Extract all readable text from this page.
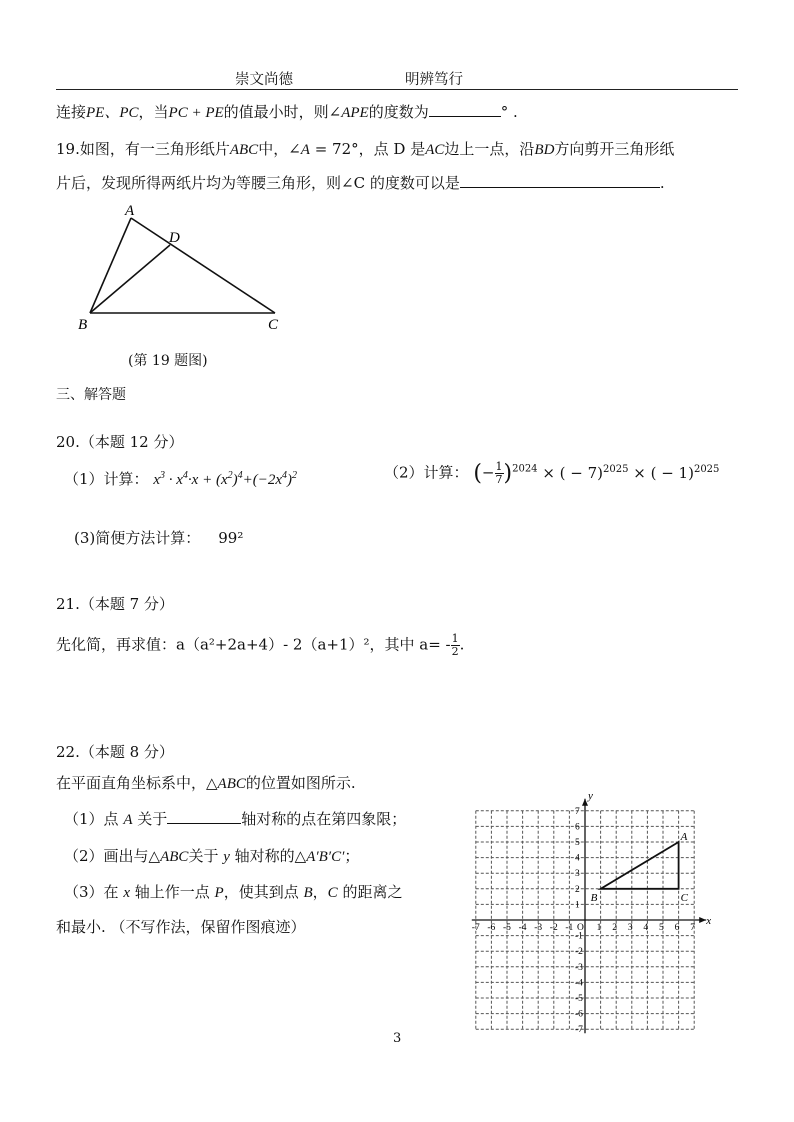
崇文尚德	明辨笃行
连接PE、PC，当PC + PE的值最小时，则∠APE的度数为	° .
19.如图，有一三角形纸片ABC中，∠A = 72°，点 D 是AC边上一点，沿BD方向剪开三角形纸
片后，发现所得两纸片均为等腰三角形，则∠C 的度数可以是	.
A
D
B	C
(第 19 题图)
三、解答题
20.（本题 12 分）
（1）计算： $x^3 \cdot x^4\cdot x + (x^2)^4+(-2x^4)^2$	（2）计算： (− $\frac{1}{7} )^{2024}$ × ( − 7)$^{2025}$ × ( − 1)$^{2025}$
(3)简便方法计算： 99²
21.（本题 7 分）
先化简，再求值：a（a²+2a+4）- 2（a+1）²，其中 $a= - \frac{1}{2}$ .
22.（本题 8 分）
在平面直角坐标系中，△ABC的位置如图所示.
（1）点 A 关于	轴对称的点在第四象限；
（2）画出与△ABC关于 y 轴对称的△A′B′C′；
（3）在 x 轴上作一点 P，使其到点 B，C 的距离之
和最小. （不写作法，保留作图痕迹）	-7
-7
-6
-6
-5
-5
-4
-4
-3
-3
-2
-2
-1
-1
1
1
2
2
3
3
4
4
5
5
6
6
7
7
O
x
y
A
B	C
3
